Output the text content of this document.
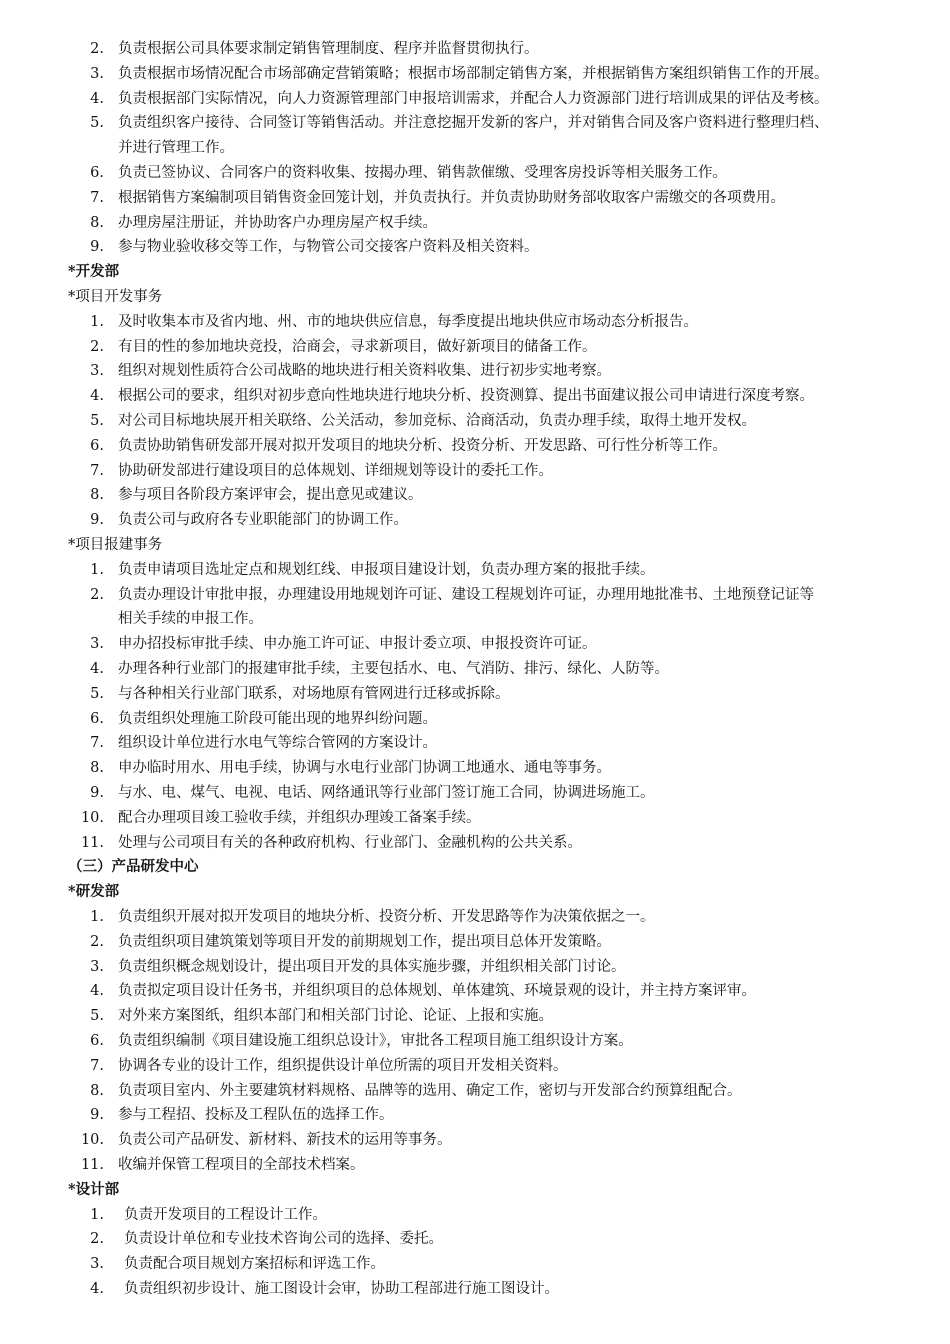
2. 负责根据公司具体要求制定销售管理制度、程序并监督贯彻执行。
3. 负责根据市场情况配合市场部确定营销策略；根据市场部制定销售方案，并根据销售方案组织销售工作的开展。
4. 负责根据部门实际情况，向人力资源管理部门申报培训需求，并配合人力资源部门进行培训成果的评估及考核。
5. 负责组织客户接待、合同签订等销售活动。并注意挖掘开发新的客户，并对销售合同及客户资料进行整理归档、
并进行管理工作。
6. 负责已签协议、合同客户的资料收集、按揭办理、销售款催缴、受理客房投诉等相关服务工作。
7. 根据销售方案编制项目销售资金回笼计划，并负责执行。并负责协助财务部收取客户需缴交的各项费用。
8. 办理房屋注册证，并协助客户办理房屋产权手续。
9. 参与物业验收移交等工作，与物管公司交接客户资料及相关资料。
*开发部
*项目开发事务
1. 及时收集本市及省内地、州、市的地块供应信息，每季度提出地块供应市场动态分析报告。
2. 有目的性的参加地块竞投，洽商会，寻求新项目，做好新项目的储备工作。
3. 组织对规划性质符合公司战略的地块进行相关资料收集、进行初步实地考察。
4. 根据公司的要求，组织对初步意向性地块进行地块分析、投资测算、提出书面建议报公司申请进行深度考察。
5. 对公司目标地块展开相关联络、公关活动，参加竞标、洽商活动，负责办理手续，取得土地开发权。
6. 负责协助销售研发部开展对拟开发项目的地块分析、投资分析、开发思路、可行性分析等工作。
7. 协助研发部进行建设项目的总体规划、详细规划等设计的委托工作。
8. 参与项目各阶段方案评审会，提出意见或建议。
9. 负责公司与政府各专业职能部门的协调工作。
*项目报建事务
1. 负责申请项目选址定点和规划红线、申报项目建设计划，负责办理方案的报批手续。
2. 负责办理设计审批申报，办理建设用地规划许可证、建设工程规划许可证，办理用地批准书、土地预登记证等
相关手续的申报工作。
3. 申办招投标审批手续、申办施工许可证、申报计委立项、申报投资许可证。
4. 办理各种行业部门的报建审批手续，主要包括水、电、气消防、排污、绿化、人防等。
5. 与各种相关行业部门联系，对场地原有管网进行迁移或拆除。
6. 负责组织处理施工阶段可能出现的地界纠纷问题。
7. 组织设计单位进行水电气等综合管网的方案设计。
8. 申办临时用水、用电手续，协调与水电行业部门协调工地通水、通电等事务。
9. 与水、电、煤气、电视、电话、网络通讯等行业部门签订施工合同，协调进场施工。
10. 配合办理项目竣工验收手续，并组织办理竣工备案手续。
11. 处理与公司项目有关的各种政府机构、行业部门、金融机构的公共关系。
（三）产品研发中心
*研发部
1. 负责组织开展对拟开发项目的地块分析、投资分析、开发思路等作为决策依据之一。
2. 负责组织项目建筑策划等项目开发的前期规划工作，提出项目总体开发策略。
3. 负责组织概念规划设计，提出项目开发的具体实施步骤，并组织相关部门讨论。
4. 负责拟定项目设计任务书，并组织项目的总体规划、单体建筑、环境景观的设计，并主持方案评审。
5. 对外来方案图纸，组织本部门和相关部门讨论、论证、上报和实施。
6. 负责组织编制《项目建设施工组织总设计》，审批各工程项目施工组织设计方案。
7. 协调各专业的设计工作，组织提供设计单位所需的项目开发相关资料。
8. 负责项目室内、外主要建筑材料规格、品牌等的选用、确定工作，密切与开发部合约预算组配合。
9. 参与工程招、投标及工程队伍的选择工作。
10. 负责公司产品研发、新材料、新技术的运用等事务。
11. 收编并保管工程项目的全部技术档案。
*设计部
1. 负责开发项目的工程设计工作。
2. 负责设计单位和专业技术咨询公司的选择、委托。
3. 负责配合项目规划方案招标和评选工作。
4. 负责组织初步设计、施工图设计会审，协助工程部进行施工图设计。
